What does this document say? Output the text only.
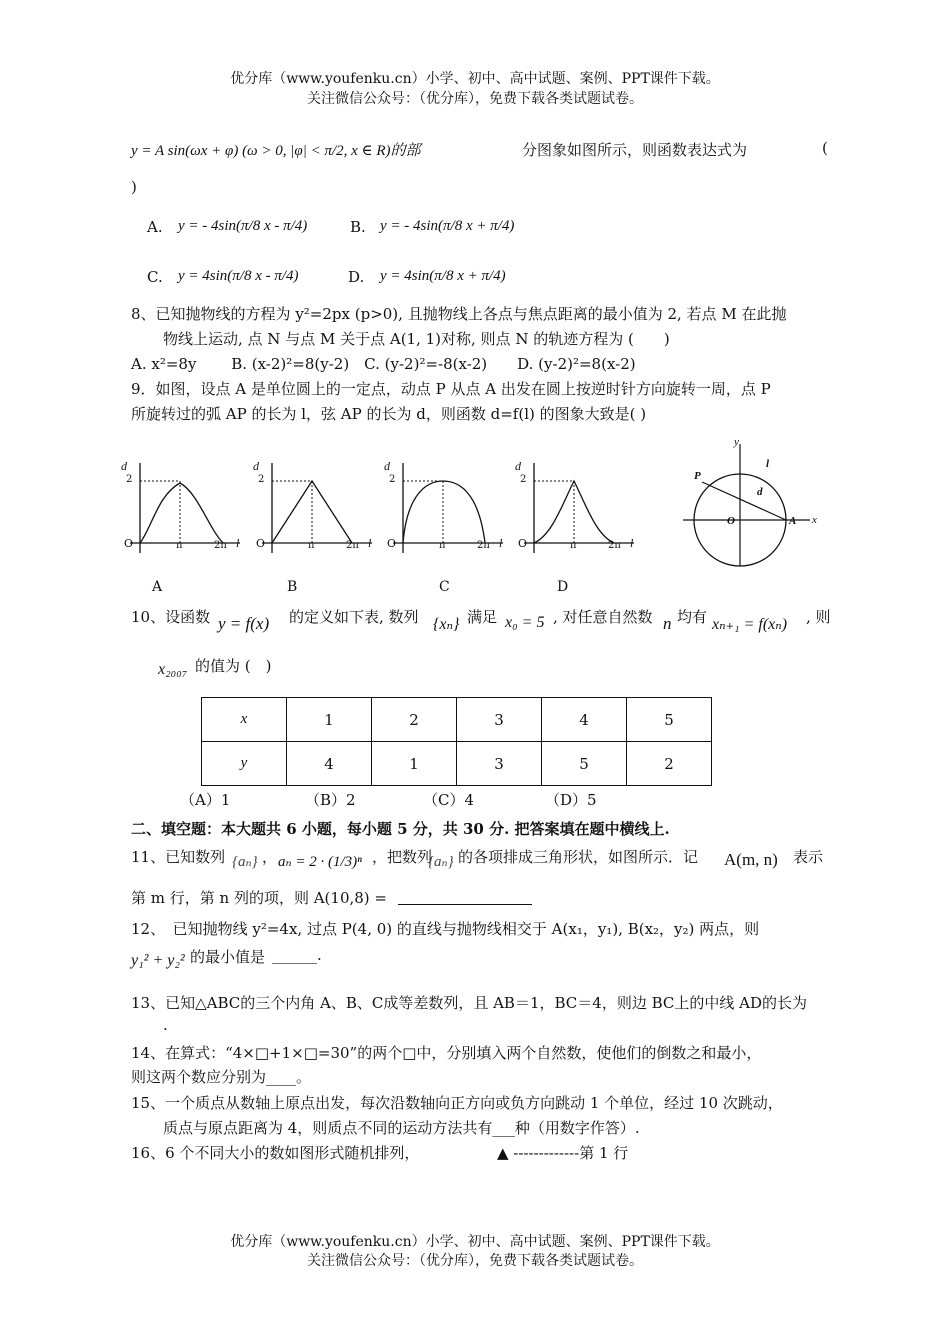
优分库（www.youfenku.cn）小学、初中、高中试题、案例、PPT课件下载。
关注微信公众号：（优分库），免费下载各类试题试卷。
y = A sin(ωx + φ) (ω > 0, |φ| < π/2, x ∈ R)的部	分图象如图所示，则函数表达式为	(
)
A. y = - 4sin(π/8 x - π/4)	B. y = - 4sin(π/8 x + π/4)
C. y = 4sin(π/8 x - π/4)	D. y = 4sin(π/8 x + π/4)
8、已知抛物线的方程为 y²=2px (p>0), 且抛物线上各点与焦点距离的最小值为 2, 若点 M 在此抛
物线上运动, 点 N 与点 M 关于点 A(1, 1)对称, 则点 N 的轨迹方程为 (　　)
A. x²=8y　　 B. (x-2)²=8(y-2)　C. (y-2)²=-8(x-2)　　D. (y-2)²=8(x-2)
9．如图，设点 A 是单位圆上的一定点，动点 P 从点 A 出发在圆上按逆时针方向旋转一周，点 P
所旋转过的弧 AP 的长为 l，弦 AP 的长为 d，则函数 d=f(l) 的图象大致是( )
d
2
O	π	2π l
d
2
O	π	2π l
d
2
O	π	2π l
d
2
O	π	2π l
y
x
P
A
O
l
d
A	B	C	D
10、设函数 y = f(x) 的定义如下表, 数列 {xₙ} 满足 x₀ = 5 , 对任意自然数 n 均有 xₙ₊₁ = f(xₙ) , 则
x₂₀₀₇ 的值为 (　)
x	1	2	3	4	5
y	4	1	3	5	2
（A）1	（B）2	（C）4	（D）5
二、填空题：本大题共 6 小题，每小题 5 分，共 30 分. 把答案填在题中横线上.
11、已知数列 {aₙ} ， aₙ = 2 · (1/3)ⁿ ，把数列
{aₙ} 的各项排成三角形状，如图所示．记 A(m, n) 表示
第 m 行，第 n 列的项，则 A(10,8) =
12、　已知抛物线 y²=4x, 过点 P(4, 0) 的直线与抛物线相交于 A(x₁，y₁), B(x₂，y₂) 两点，则
y₁² + y₂² 的最小值是 ______.
13、已知△ABC的三个内角 A、B、C成等差数列，且 AB＝1，BC＝4，则边 BC上的中线 AD的长为
.
14、在算式：“4×□+1×□=30”的两个□中，分别填入两个自然数，使他们的倒数之和最小，
则这两个数应分别为____。
15、一个质点从数轴上原点出发，每次沿数轴向正方向或负方向跳动 1 个单位，经过 10 次跳动，
质点与原点距离为 4，则质点不同的运动方法共有___种（用数字作答）.
16、6 个不同大小的数如图形式随机排列，	▲ -------------第 1 行
优分库（www.youfenku.cn）小学、初中、高中试题、案例、PPT课件下载。
关注微信公众号：（优分库），免费下载各类试题试卷。
